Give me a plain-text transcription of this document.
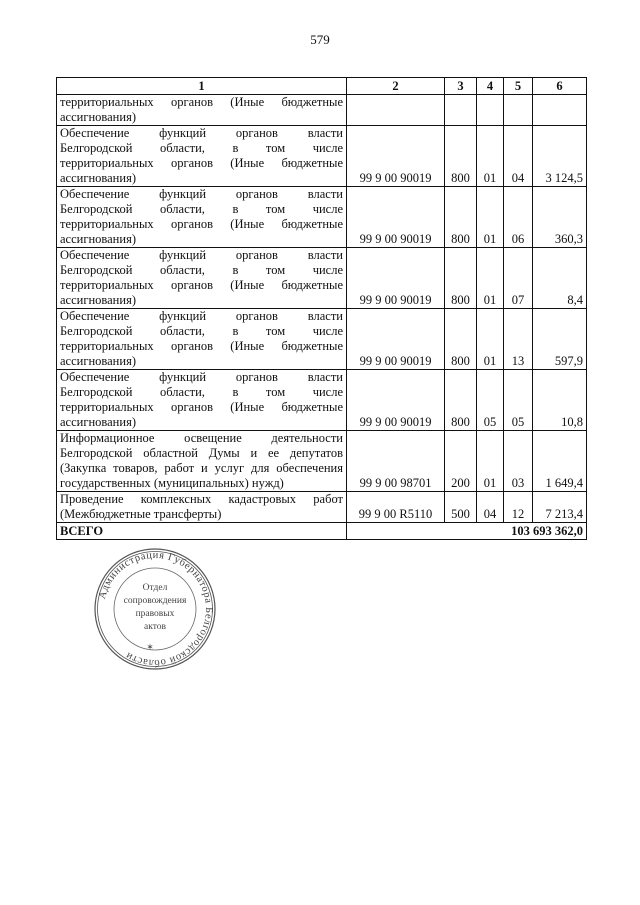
579
1	2	3	4	5	6

территориальных органов (Иные бюджетные
ассигнования)					

Обеспечение функций органов власти
Белгородской области, в том числе
территориальных органов (Иные бюджетные
ассигнования)	99 9 00 90019	800	01	04	3 124,5

Обеспечение функций органов власти
Белгородской области, в том числе
территориальных органов (Иные бюджетные
ассигнования)	99 9 00 90019	800	01	06	360,3

Обеспечение функций органов власти
Белгородской области, в том числе
территориальных органов (Иные бюджетные
ассигнования)	99 9 00 90019	800	01	07	8,4

Обеспечение функций органов власти
Белгородской области, в том числе
территориальных органов (Иные бюджетные
ассигнования)	99 9 00 90019	800	01	13	597,9

Обеспечение функций органов власти
Белгородской области, в том числе
территориальных органов (Иные бюджетные
ассигнования)	99 9 00 90019	800	05	05	10,8

Информационное освещение деятельности
Белгородской областной Думы и ее депутатов
(Закупка товаров, работ и услуг для обеспечения
государственных (муниципальных) нужд)	99 9 00 98701	200	01	03	1 649,4

Проведение комплексных кадастровых работ
(Межбюджетные трансферты)	99 9 00 R5110	500	04	12	7 213,4
ВСЕГО	103 693 362,0				
Администрация Губернатора Белгородской области
Отдел
сопровождения
правовых
актов
✶
